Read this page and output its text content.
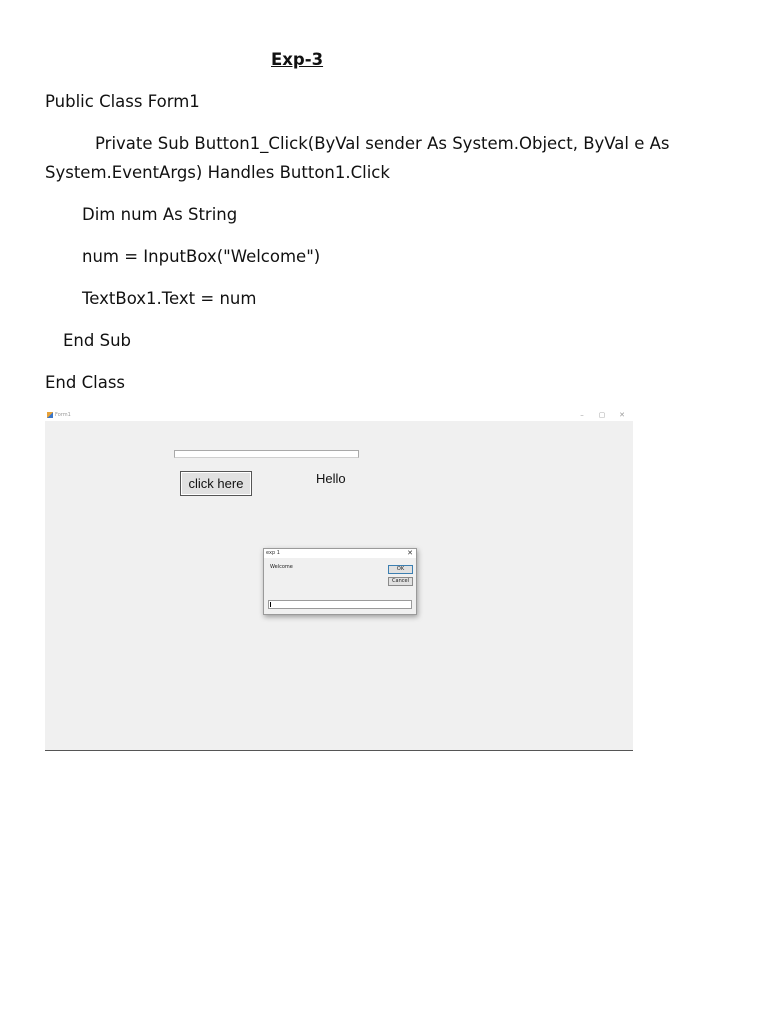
Exp-3
Public Class Form1
Private Sub Button1_Click(ByVal sender As System.Object, ByVal e As
System.EventArgs) Handles Button1.Click
Dim num As String
num = InputBox("Welcome")
TextBox1.Text = num
End Sub
End Class
Form1	–	▢	✕
click here	Hello
exp 1	✕
Welcome	OK
Cancel
